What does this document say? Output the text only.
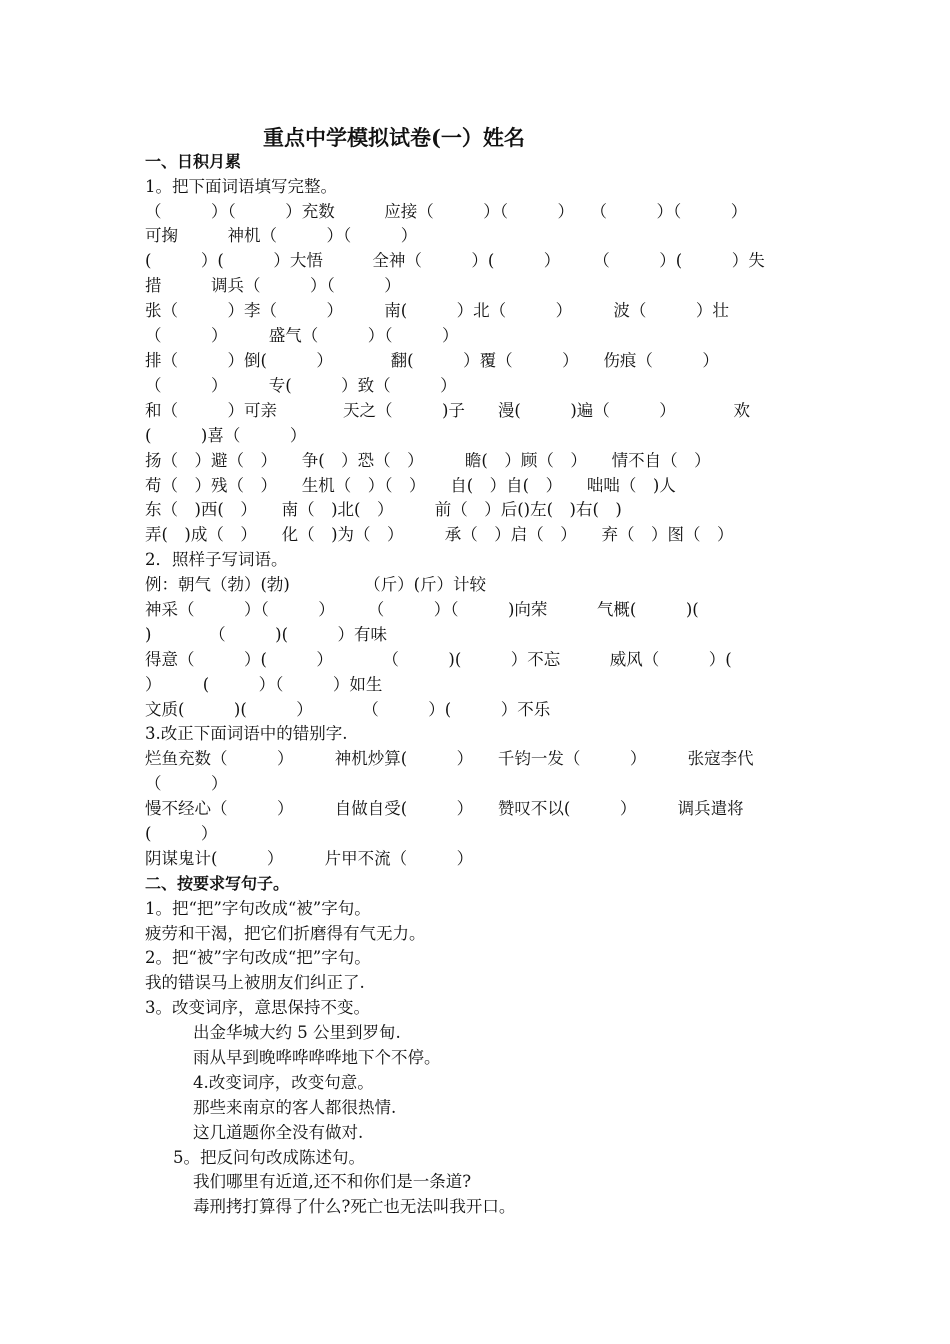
重点中学模拟试卷(一）姓名
一、日积月累
1。把下面词语填写完整。
（　　　）（　　　）充数　　　应接（　　　）（　　　）　　（　　　）（　　　）
可掬　　　神机（　　　）（　　　）
(　　　）(　　　）大悟　　　全神（　　　）(　　　）　　　（　　　）(　　　）失
措　　　调兵（　　　）（　　　）
张（　　　）李（　　　）　　　南(　　　）北（　　　）　　　波（　　　）壮
（　　　）　　　盛气（　　　）（　　　）
排（　　　）倒(　　　）　　　　翻(　　　）覆（　　　）　　伤痕（　　　）
（　　　）　　　专(　　　）致（　　　）
和（　　　）可亲　　　　天之（　　　)子　　漫(　　　)遍（　　　）　　　　欢
(　　　)喜（　　　）
扬（　）避（　）　　争(　）恐（　）　　　瞻(　）顾（　）　　情不自（　）
苟（　）残（　）　　生机（　）（　）　　自(　）自(　）　　咄咄（　)人
东（　)西(　）　　南（　)北(　）　　　前（　）后()左(　)右(　)
弄(　)成（　）　　化（　)为（　）　　　承（　）启（　）　　弃（　）图（　）
2．照样子写词语。
例：朝气（勃）(勃)　　　　　（斤）(斤）计较
神采（　　　）（　　　）　　　（　　　）（　　　)向荣　　　气概(　　　)(
)　　　　（　　　)(　　　）有味
得意（　　　）(　　　）　　　　（　　　)(　　　）不忘　　　威风（　　　）(
）　　　(　　　）（　　　）如生
文质(　　　)(　　　）　　　　（　　　）(　　　）不乐
3.改正下面词语中的错别字.
烂鱼充数（　　　）　　　神机炒算(　　　）　　千钧一发（　　　）　　　张寇李代
（　　　）
慢不经心（　　　）　　　自做自受(　　　）　　赞叹不以(　　　）　　　调兵遣将
(　　　）
阴谋鬼计(　　　）　　　片甲不流（　　　）
二、按要求写句子。
1。把“把”字句改成“被”字句。
疲劳和干渴，把它们折磨得有气无力。
2。把“被”字句改成“把”字句。
我的错误马上被朋友们纠正了.
3。改变词序，意思保持不变。
出金华城大约 5 公里到罗甸.
雨从早到晚哗哗哗哗地下个不停。
4.改变词序，改变句意。
那些来南京的客人都很热情.
这几道题你全没有做对.
5。把反问句改成陈述句。
我们哪里有近道,还不和你们是一条道?
毒刑拷打算得了什么?死亡也无法叫我开口。
